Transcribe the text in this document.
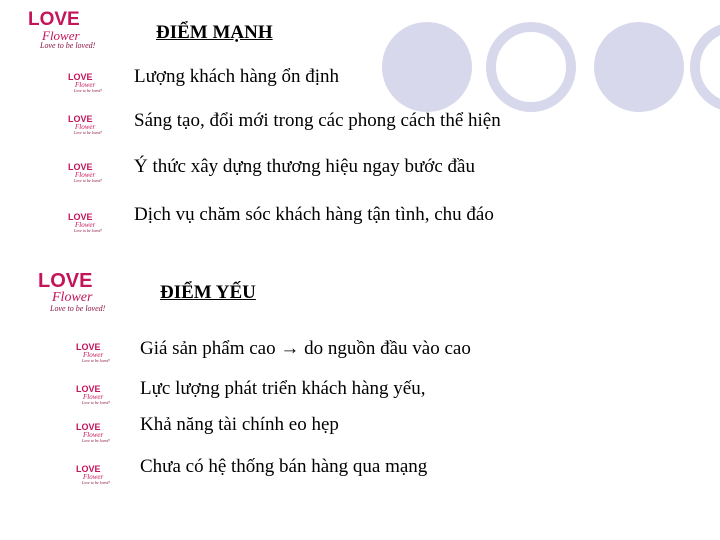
LOVE
Flower
Love to be loved!
ĐIỂM MẠNH
LOVE
Flower
Love to be loved!
Lượng khách hàng ổn định
LOVE
Flower
Love to be loved!
Sáng tạo, đổi mới trong các phong cách thể hiện
LOVE
Flower
Love to be loved!
Ý thức xây dựng thương hiệu ngay bước đầu
LOVE
Flower
Love to be loved!
Dịch vụ chăm sóc khách hàng tận tình, chu đáo
LOVE
Flower
Love to be loved!
ĐIỂM YẾU
LOVE
Flower
Love to be loved!
Giá sản phẩm cao → do nguồn đầu vào cao
LOVE
Flower
Love to be loved!
Lực lượng phát triển khách hàng yếu,
LOVE
Flower
Love to be loved!
Khả năng tài chính eo hẹp
LOVE
Flower
Love to be loved!
Chưa có hệ thống bán hàng qua mạng
